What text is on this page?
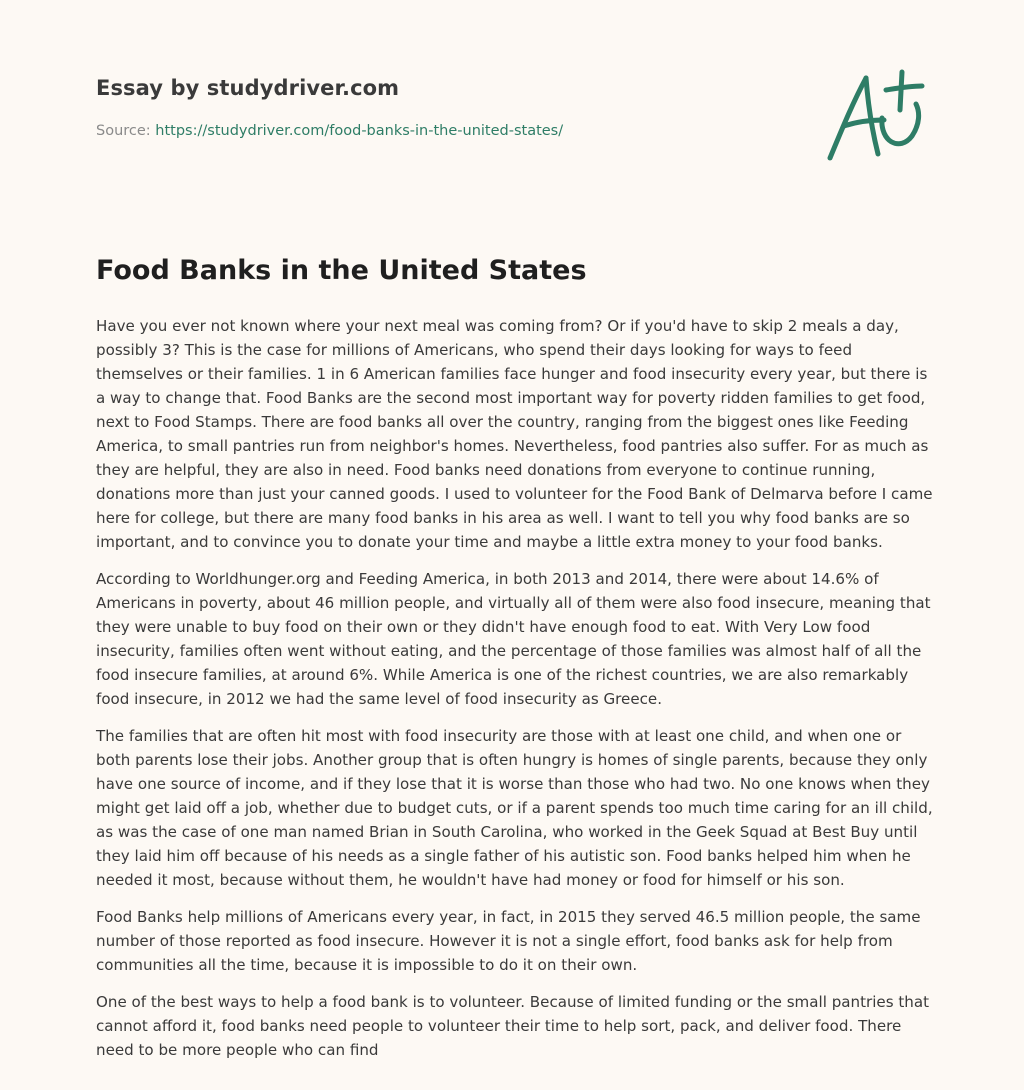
Essay by studydriver.com
Source: https://studydriver.com/food-banks-in-the-united-states/
Food Banks in the United States

Have you ever not known where your next meal was coming from? Or if you'd have to skip 2 meals a day, possibly 3? This is the case for millions of Americans, who spend their days looking for ways to feed themselves or their families. 1 in 6 American families face hunger and food insecurity every year, but there is a way to change that. Food Banks are the second most important way for poverty ridden families to get food, next to Food Stamps. There are food banks all over the country, ranging from the biggest ones like Feeding America, to small pantries run from neighbor's homes. Nevertheless, food pantries also suffer. For as much as they are helpful, they are also in need. Food banks need donations from everyone to continue running, donations more than just your canned goods. I used to volunteer for the Food Bank of Delmarva before I came here for college, but there are many food banks in his area as well. I want to tell you why food banks are so important, and to convince you to donate your time and maybe a little extra money to your food banks.

According to Worldhunger.org and Feeding America, in both 2013 and 2014, there were about 14.6% of Americans in poverty, about 46 million people, and virtually all of them were also food insecure, meaning that they were unable to buy food on their own or they didn't have enough food to eat. With Very Low food insecurity, families often went without eating, and the percentage of those families was almost half of all the food insecure families, at around 6%. While America is one of the richest countries, we are also remarkably food insecure, in 2012 we had the same level of food insecurity as Greece.

The families that are often hit most with food insecurity are those with at least one child, and when one or both parents lose their jobs. Another group that is often hungry is homes of single parents, because they only have one source of income, and if they lose that it is worse than those who had two. No one knows when they might get laid off a job, whether due to budget cuts, or if a parent spends too much time caring for an ill child, as was the case of one man named Brian in South Carolina, who worked in the Geek Squad at Best Buy until they laid him off because of his needs as a single father of his autistic son. Food banks helped him when he needed it most, because without them, he wouldn't have had money or food for himself or his son.

Food Banks help millions of Americans every year, in fact, in 2015 they served 46.5 million people, the same number of those reported as food insecure. However it is not a single effort, food banks ask for help from communities all the time, because it is impossible to do it on their own.

One of the best ways to help a food bank is to volunteer. Because of limited funding or the small pantries that cannot afford it, food banks need people to volunteer their time to help sort, pack, and deliver food. There need to be more people who can find
